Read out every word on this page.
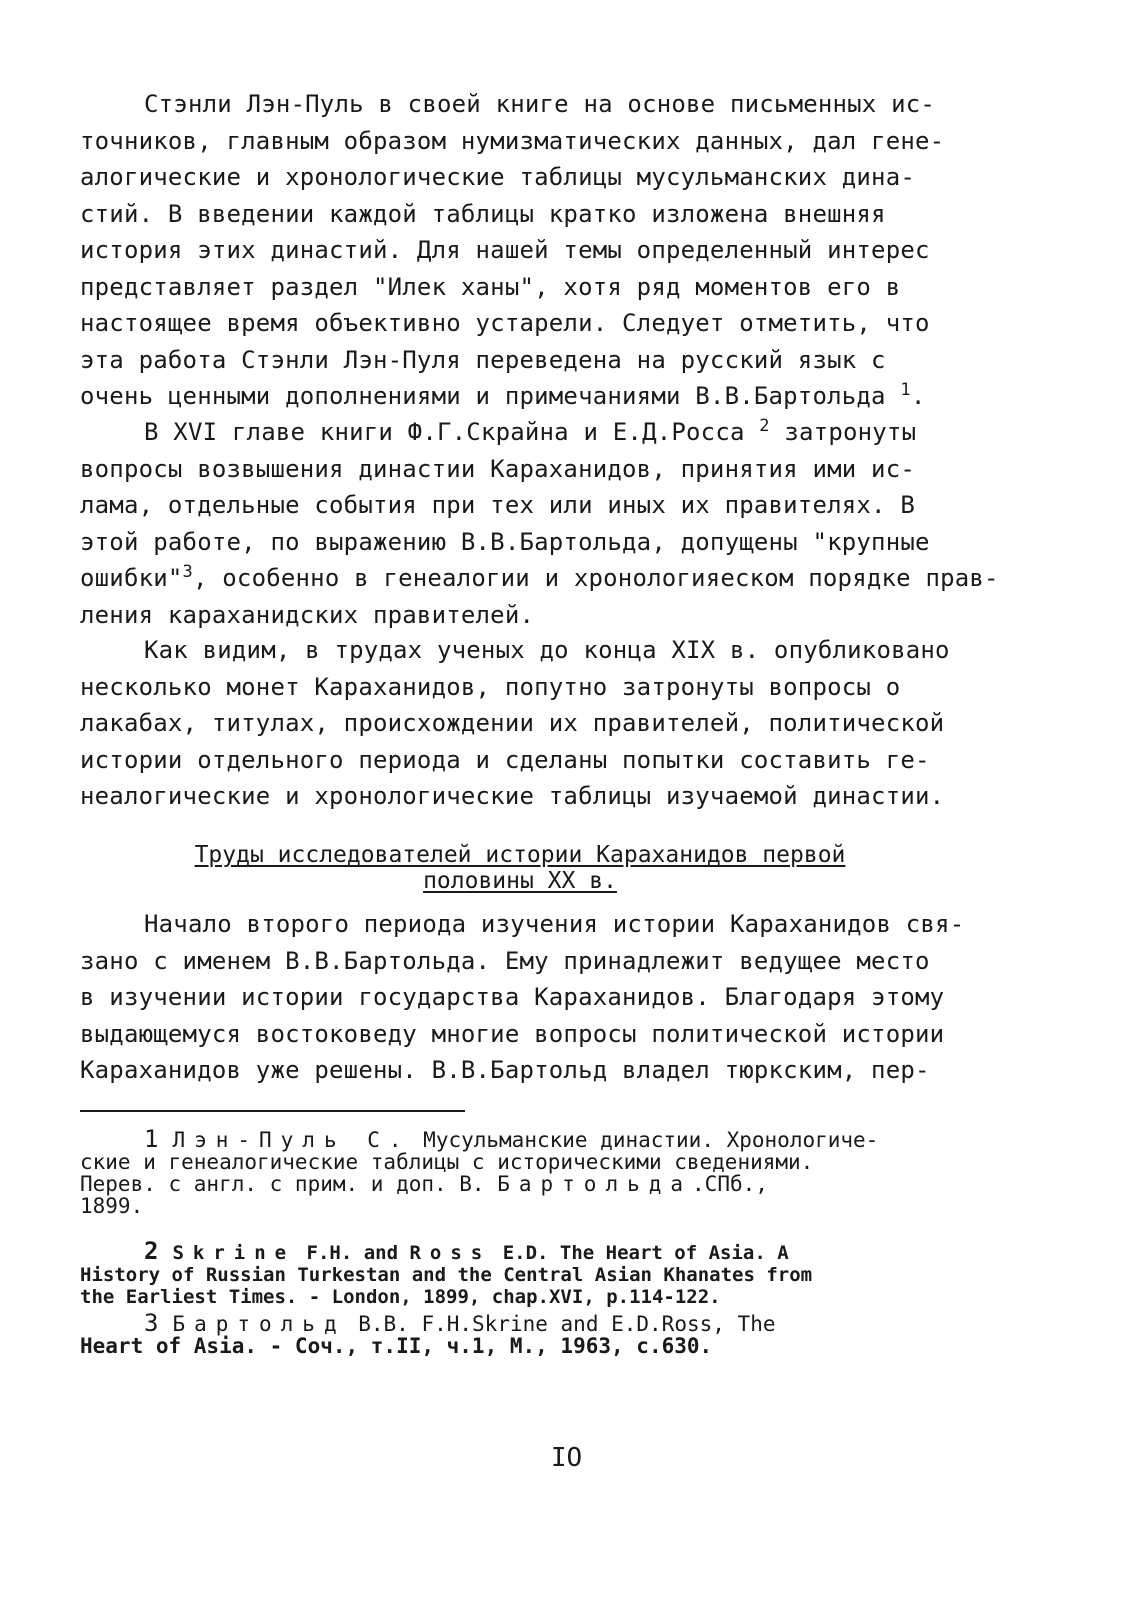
Стэнли Лэн-Пуль в своей книге на основе письменных ис-
точников, главным образом нумизматических данных, дал гене-
алогические и хронологические таблицы мусульманских дина-
стий. В введении каждой таблицы кратко изложена внешняя
история этих династий. Для нашей темы определенный интерес
представляет раздел "Илек ханы", хотя ряд моментов его в
настоящее время объективно устарели. Следует отметить, что
эта работа Стэнли Лэн-Пуля переведена на русский язык с
очень ценными дополнениями и примечаниями В.В.Бартольда $^1$.
В XVI главе книги Ф.Г.Скрайна и Е.Д.Росса $^2$ затронуты
вопросы возвышения династии Караханидов, принятия ими ис-
лама, отдельные события при тех или иных их правителях. В
этой работе, по выражению В.В.Бартольда, допущены "крупные
ошибки"$^3$, особенно в генеалогии и хронологияеском порядке прав-
ления караханидских правителей.
Как видим, в трудах ученых до конца XIX в. опубликовано
несколько монет Караханидов, попутно затронуты вопросы о
лакабах, титулах, происхождении их правителей, политической
истории отдельного периода и сделаны попытки составить ге-
неалогические и хронологические таблицы изучаемой династии.
Труды исследователей истории Караханидов первой
половины XX в.
Начало второго периода изучения истории Караханидов свя-
зано с именем В.В.Бартольда. Ему принадлежит ведущее место
в изучении истории государства Караханидов. Благодаря этому
выдающемуся востоковеду многие вопросы политической истории
Караханидов уже решены. В.В.Бартольд владел тюркским, пер-
1 Лэн-Пуль С. Мусульманские династии. Хронологиче-
ские и генеалогические таблицы с историческими сведениями.
Перев. с англ. с прим. и доп. В. Бартольда.СПб.,
1899.
2 Skrine F.H. and Ross E.D. The Heart of Asia. A
History of Russian Turkestan and the Central Asian Khanates from
the Earliest Times. - London, 1899, chap.XVI, p.114-122.
3 Бартольд В.В. F.H.Skrine and E.D.Ross, The
Heart of Asia. - Соч., т.II, ч.1, М., 1963, с.630.
IO
